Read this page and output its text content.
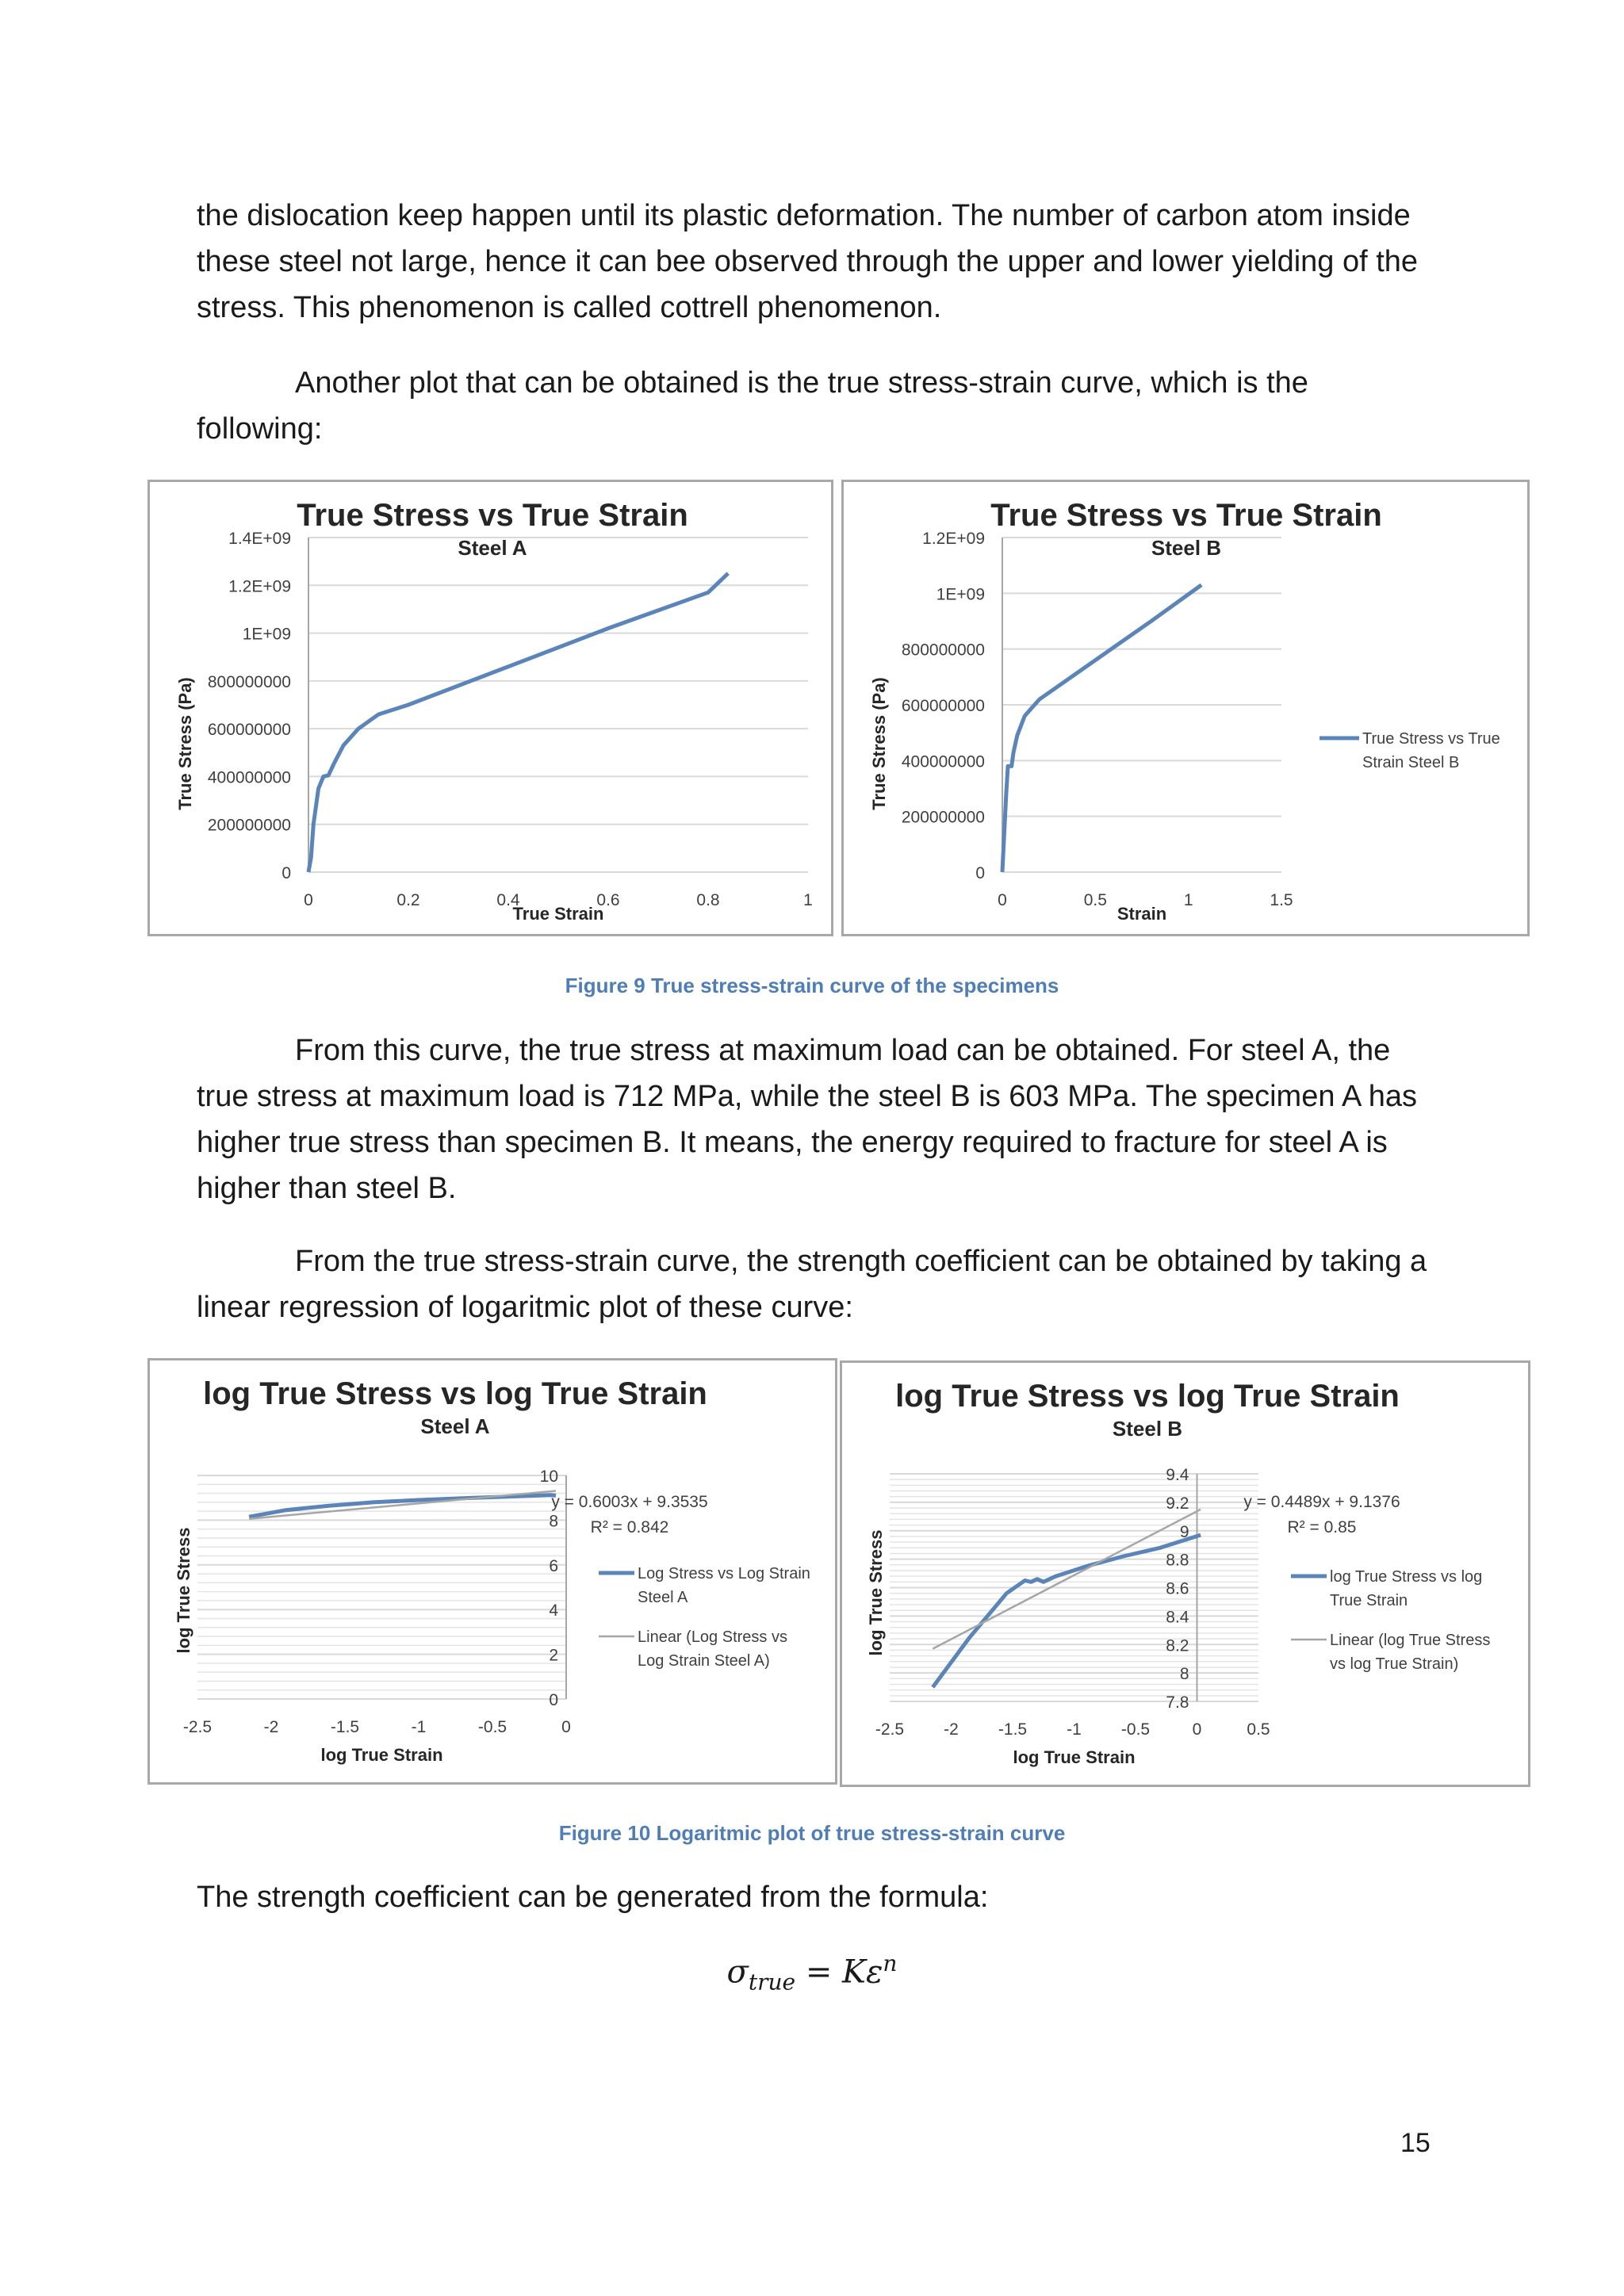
the dislocation keep happen until its plastic deformation. The number of carbon atom inside these steel not large, hence it can bee observed through the upper and lower yielding of the stress. This phenomenon is called cottrell phenomenon.

Another plot that can be obtained is the true stress-strain curve, which is the following:

True Stress vs True Strain
Steel A
0
200000000
400000000
600000000
800000000
1E+09
1.2E+09
1.4E+09
0	0.2	0.4	0.6	0.8	1
True Strain
True Stress (Pa)
True Stress vs True Strain
Steel B
0
200000000
400000000
600000000
800000000
1E+09
1.2E+09
0	0.5	1	1.5
Strain
True Stress (Pa)	True Stress vs True Strain Steel B
Figure 9 True stress-strain curve of the specimens

From this curve, the true stress at maximum load can be obtained. For steel A, the true stress at maximum load is 712 MPa, while the steel B is 603 MPa. The specimen A has higher true stress than specimen B. It means, the energy required to fracture for steel A is higher than steel B.

From the true stress-strain curve, the strength coefficient can be obtained by taking a linear regression of logaritmic plot of these curve:

log True Stress vs log True Strain
Steel A
0
2
4
6
8
10
-2.5	-2	-1.5	-1	-0.5	0
log True Strain
log True Stress
y = 0.6003x + 9.3535
R² = 0.842
Log Stress vs Log Strain Steel A
Linear (Log Stress vs Log Strain Steel A)
log True Stress vs log True Strain
Steel B
7.8
8
8.2
8.4
8.6
8.8
9
9.2
9.4
-2.5 -2 -1.5 -1 -0.5	0	0.5
log True Strain
log True Stress
y = 0.4489x + 9.1376
R² = 0.85
log True Stress vs log True Strain
Linear (log True Stress vs log True Strain)
Figure 10 Logaritmic plot of true stress-strain curve

The strength coefficient can be generated from the formula:

$\sigma_{true} = K\varepsilon^n$
15
